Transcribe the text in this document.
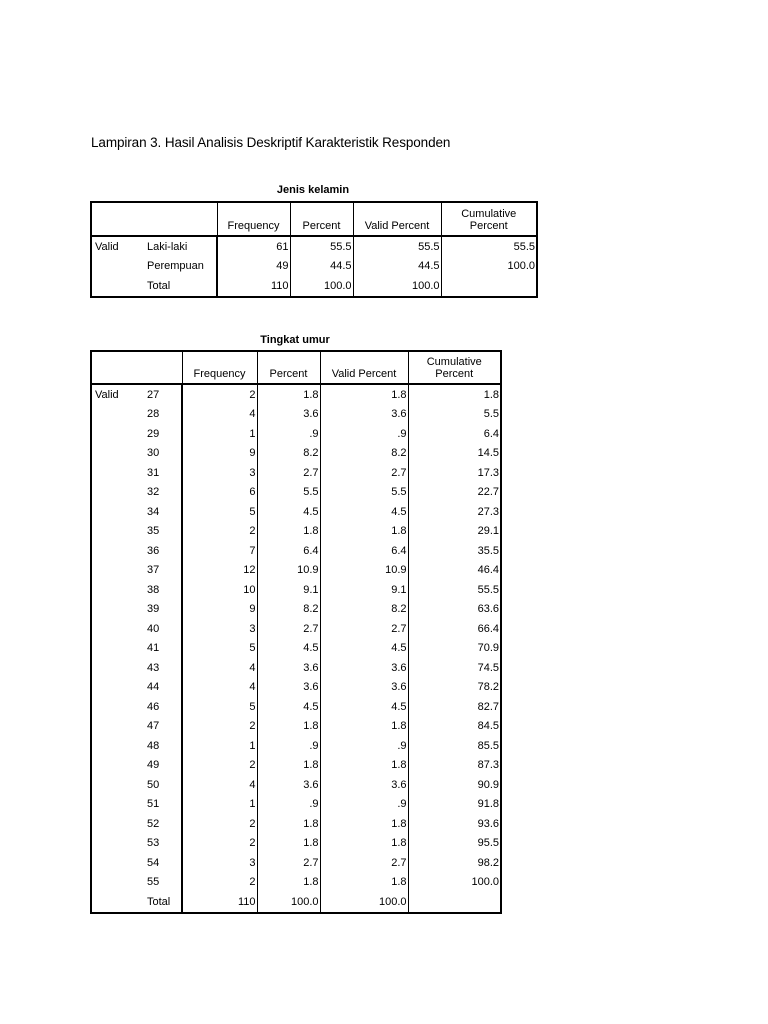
Lampiran 3. Hasil Analisis Deskriptif Karakteristik Responden
Jenis kelamin
		Frequency	Percent	Valid Percent	Cumulative Percent
Valid	Laki-laki	61	55.5	55.5	55.5
	Perempuan	49	44.5	44.5	100.0
	Total	110	100.0	100.0	
Tingkat umur
		Frequency	Percent	Valid Percent	Cumulative Percent
Valid	27	2	1.8	1.8	1.8
	28	4	3.6	3.6	5.5
	29	1	.9	.9	6.4
	30	9	8.2	8.2	14.5
	31	3	2.7	2.7	17.3
	32	6	5.5	5.5	22.7
	34	5	4.5	4.5	27.3
	35	2	1.8	1.8	29.1
	36	7	6.4	6.4	35.5
	37	12	10.9	10.9	46.4
	38	10	9.1	9.1	55.5
	39	9	8.2	8.2	63.6
	40	3	2.7	2.7	66.4
	41	5	4.5	4.5	70.9
	43	4	3.6	3.6	74.5
	44	4	3.6	3.6	78.2
	46	5	4.5	4.5	82.7
	47	2	1.8	1.8	84.5
	48	1	.9	.9	85.5
	49	2	1.8	1.8	87.3
	50	4	3.6	3.6	90.9
	51	1	.9	.9	91.8
	52	2	1.8	1.8	93.6
	53	2	1.8	1.8	95.5
	54	3	2.7	2.7	98.2
	55	2	1.8	1.8	100.0
	Total	110	100.0	100.0	
